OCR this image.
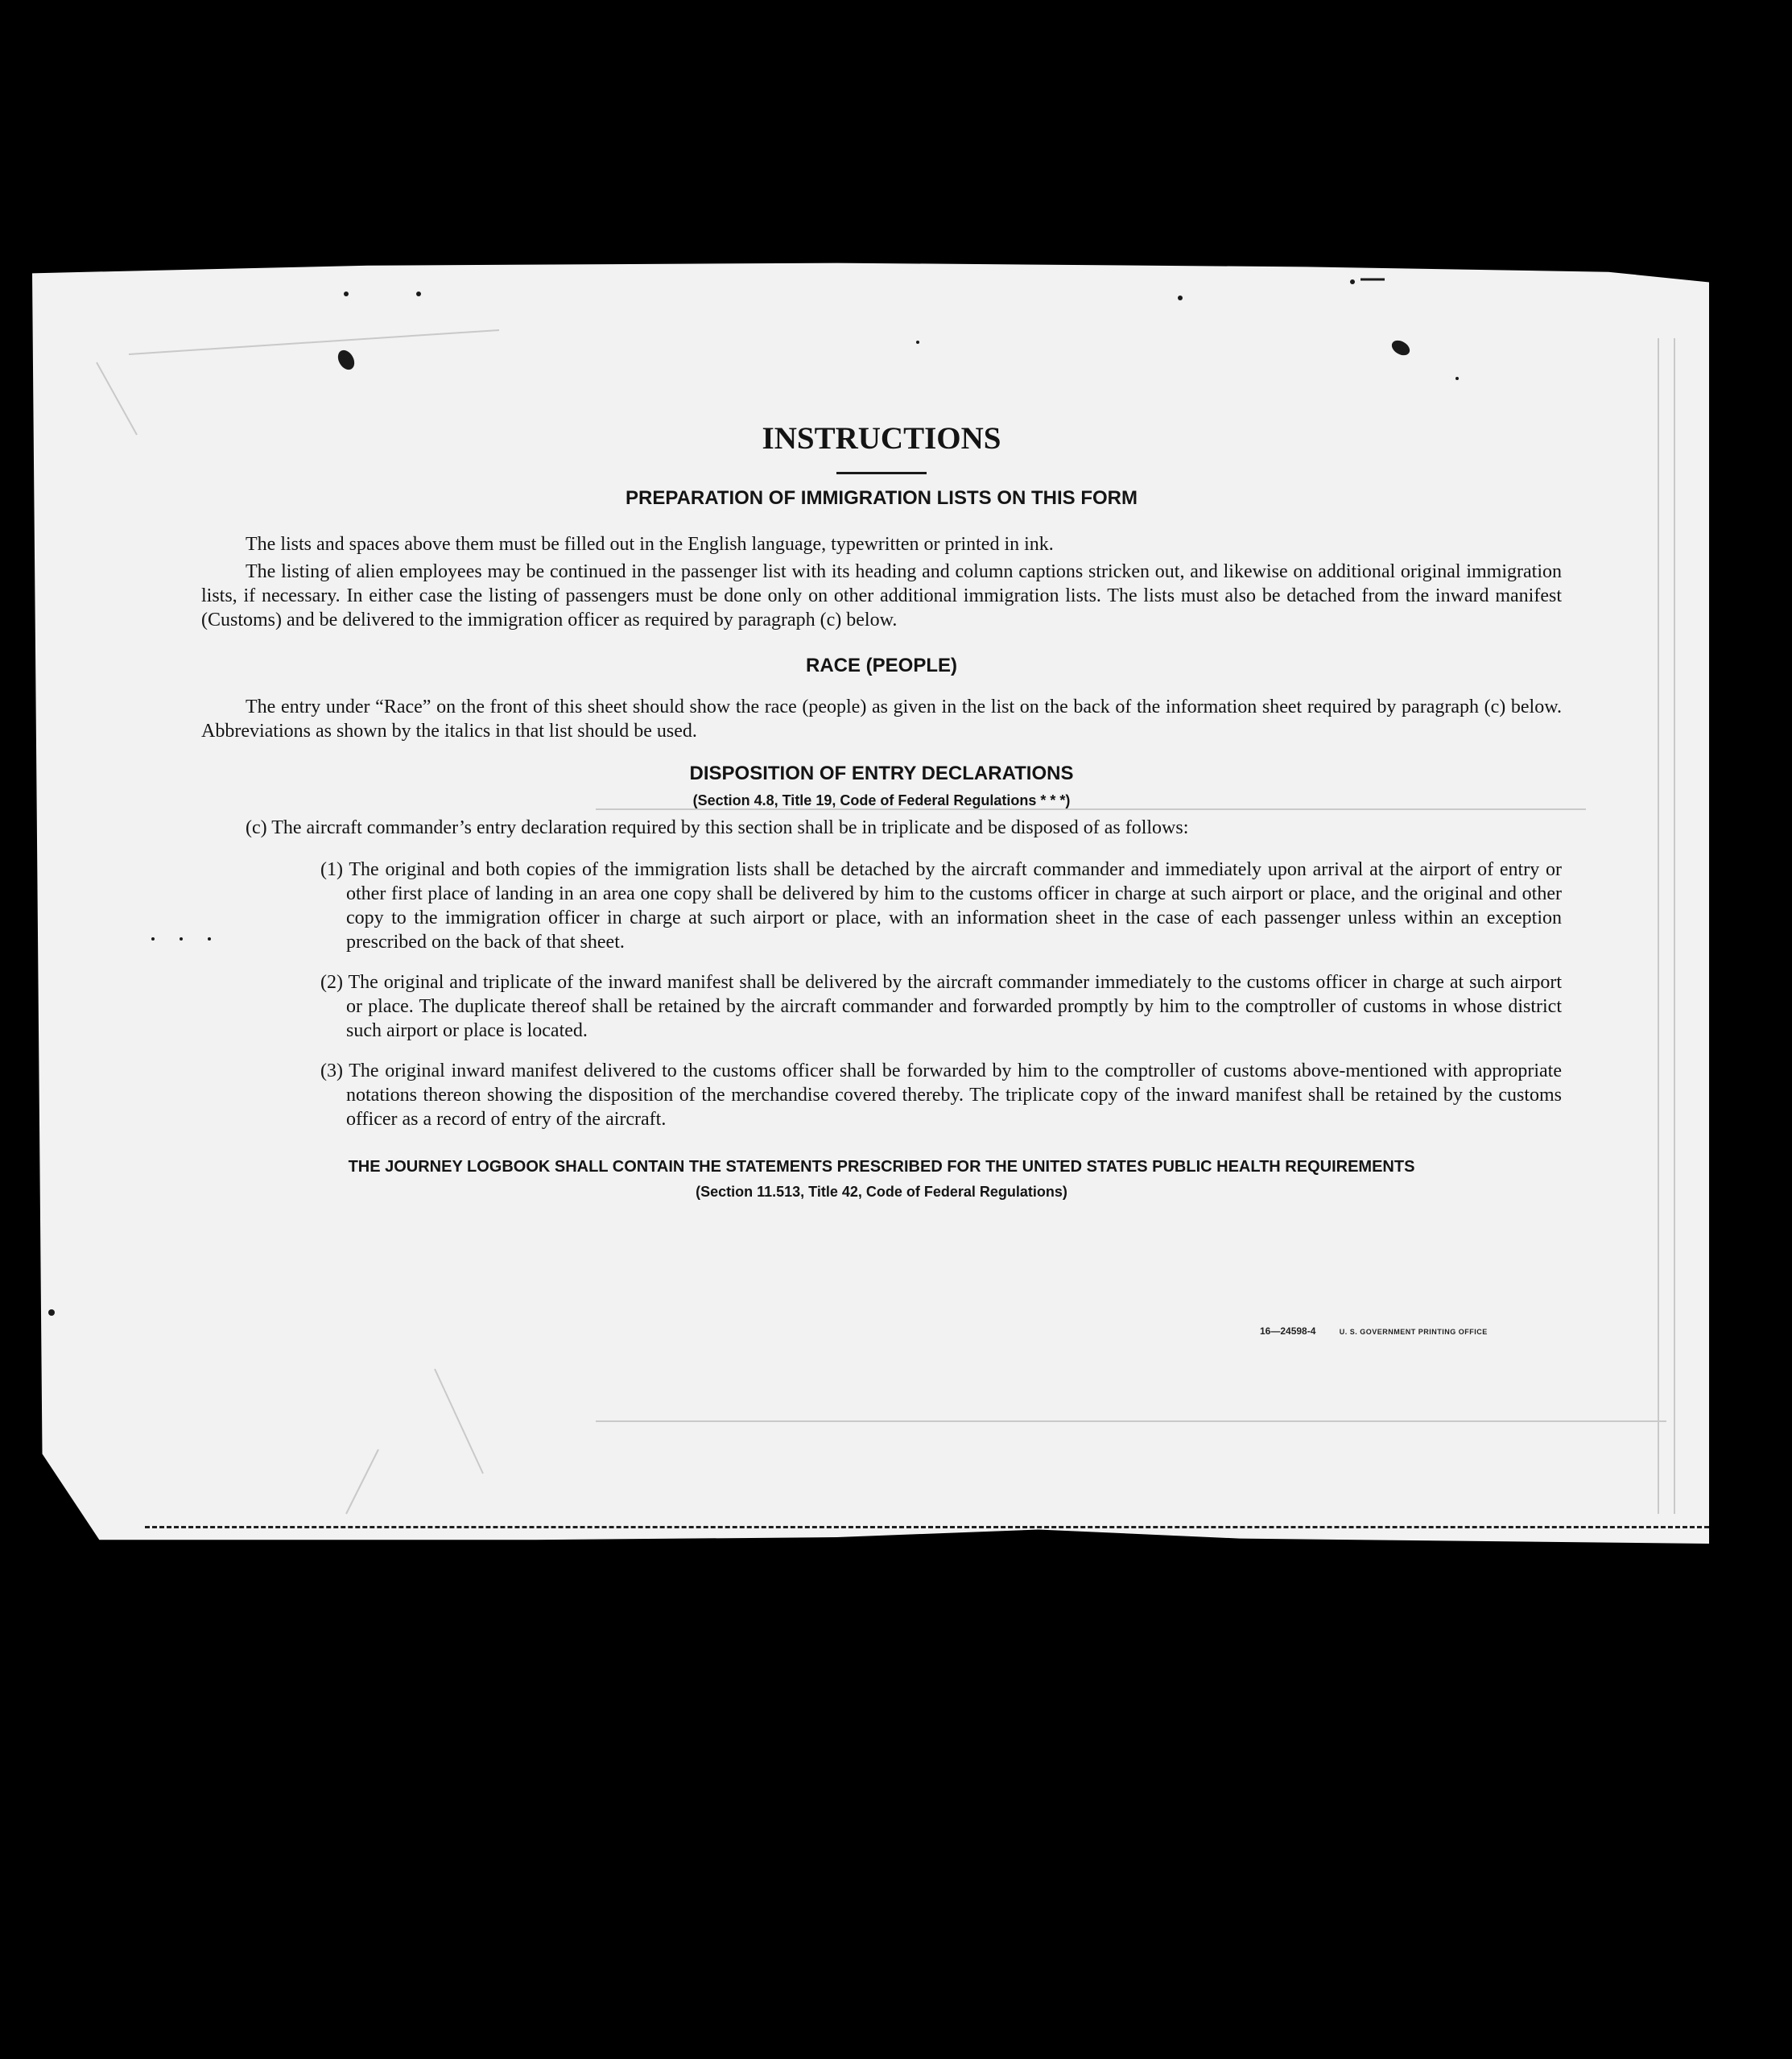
INSTRUCTIONS
PREPARATION OF IMMIGRATION LISTS ON THIS FORM

The lists and spaces above them must be filled out in the English language, typewritten or printed in ink.

The listing of alien employees may be continued in the passenger list with its heading and column captions stricken out, and likewise on additional original immigration lists, if necessary. In either case the listing of passengers must be done only on other additional immigration lists. The lists must also be detached from the inward manifest (Customs) and be delivered to the immigration officer as required by paragraph (c) below.

RACE (PEOPLE)

The entry under “Race” on the front of this sheet should show the race (people) as given in the list on the back of the information sheet required by paragraph (c) below. Abbreviations as shown by the italics in that list should be used.

DISPOSITION OF ENTRY DECLARATIONS
(Section 4.8, Title 19, Code of Federal Regulations * * *)

(c) The aircraft commander’s entry declaration required by this section shall be in triplicate and be disposed of as follows:

(1) The original and both copies of the immigration lists shall be detached by the aircraft commander and immediately upon arrival at the airport of entry or other first place of landing in an area one copy shall be delivered by him to the customs officer in charge at such airport or place, and the original and other copy to the immigration officer in charge at such airport or place, with an information sheet in the case of each passenger unless within an exception prescribed on the back of that sheet.

(2) The original and triplicate of the inward manifest shall be delivered by the aircraft commander immediately to the customs officer in charge at such airport or place. The duplicate thereof shall be retained by the aircraft commander and forwarded promptly by him to the comptroller of customs in whose district such airport or place is located.

(3) The original inward manifest delivered to the customs officer shall be forwarded by him to the comptroller of customs above-mentioned with appropriate notations thereon showing the disposition of the merchandise covered thereby. The triplicate copy of the inward manifest shall be retained by the customs officer as a record of entry of the aircraft.

THE JOURNEY LOGBOOK SHALL CONTAIN THE STATEMENTS PRESCRIBED FOR THE UNITED STATES PUBLIC HEALTH REQUIREMENTS
(Section 11.513, Title 42, Code of Federal Regulations)
16—24598-4	U. S. GOVERNMENT PRINTING OFFICE
